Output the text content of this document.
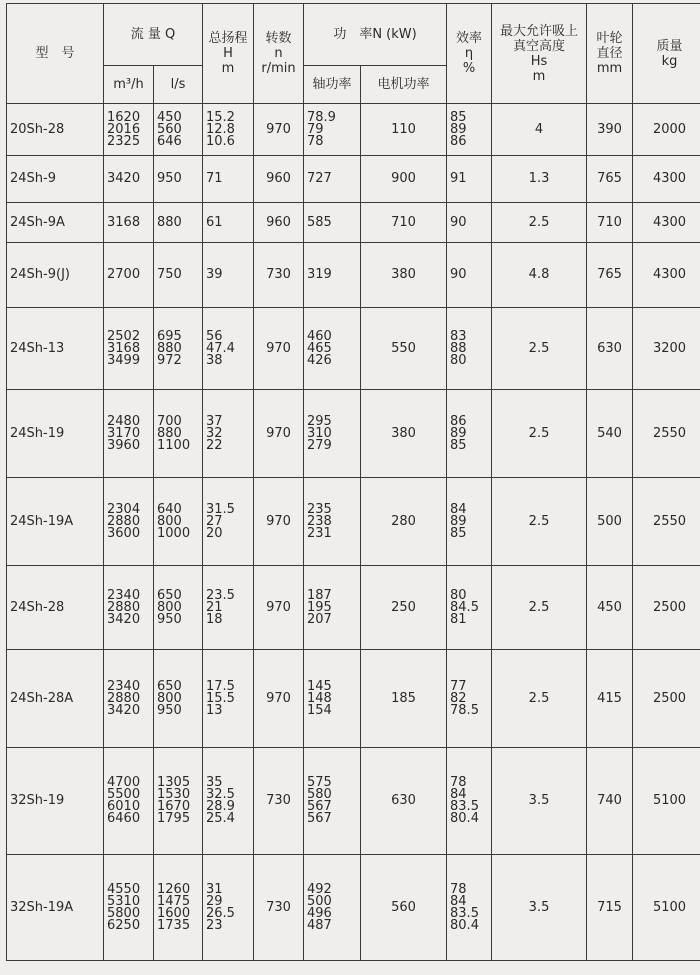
型　号	流 量 Q		总扬程
H
m	转数
n
r/min	功　率N (kW)		效率
η
%	最大允许吸上
真空高度
Hs
m	叶轮
直径
mm	质量
kg
	m³/h	l/s			轴功率	电机功率				
20Sh-28	1620
2016
2325	450
560
646	15.2
12.8
10.6	970	78.9
79
78	110	85
89
86	4	390	2000
24Sh-9	3420	950	71	960	727	900	91	1.3	765	4300
24Sh-9A	3168	880	61	960	585	710	90	2.5	710	4300
24Sh-9(J)	2700	750	39	730	319	380	90	4.8	765	4300
24Sh-13	2502
3168
3499	695
880
972	56
47.4
38	970	460
465
426	550	83
88
80	2.5	630	3200
24Sh-19	2480
3170
3960	700
880
1100	37
32
22	970	295
310
279	380	86
89
85	2.5	540	2550
24Sh-19A	2304
2880
3600	640
800
1000	31.5
27
20	970	235
238
231	280	84
89
85	2.5	500	2550
24Sh-28	2340
2880
3420	650
800
950	23.5
21
18	970	187
195
207	250	80
84.5
81	2.5	450	2500
24Sh-28A	2340
2880
3420	650
800
950	17.5
15.5
13	970	145
148
154	185	77
82
78.5	2.5	415	2500
32Sh-19	4700
5500
6010
6460	1305
1530
1670
1795	35
32.5
28.9
25.4	730	575
580
567
567	630	78
84
83.5
80.4	3.5	740	5100
32Sh-19A	4550
5310
5800
6250	1260
1475
1600
1735	31
29
26.5
23	730	492
500
496
487	560	78
84
83.5
80.4	3.5	715	5100
